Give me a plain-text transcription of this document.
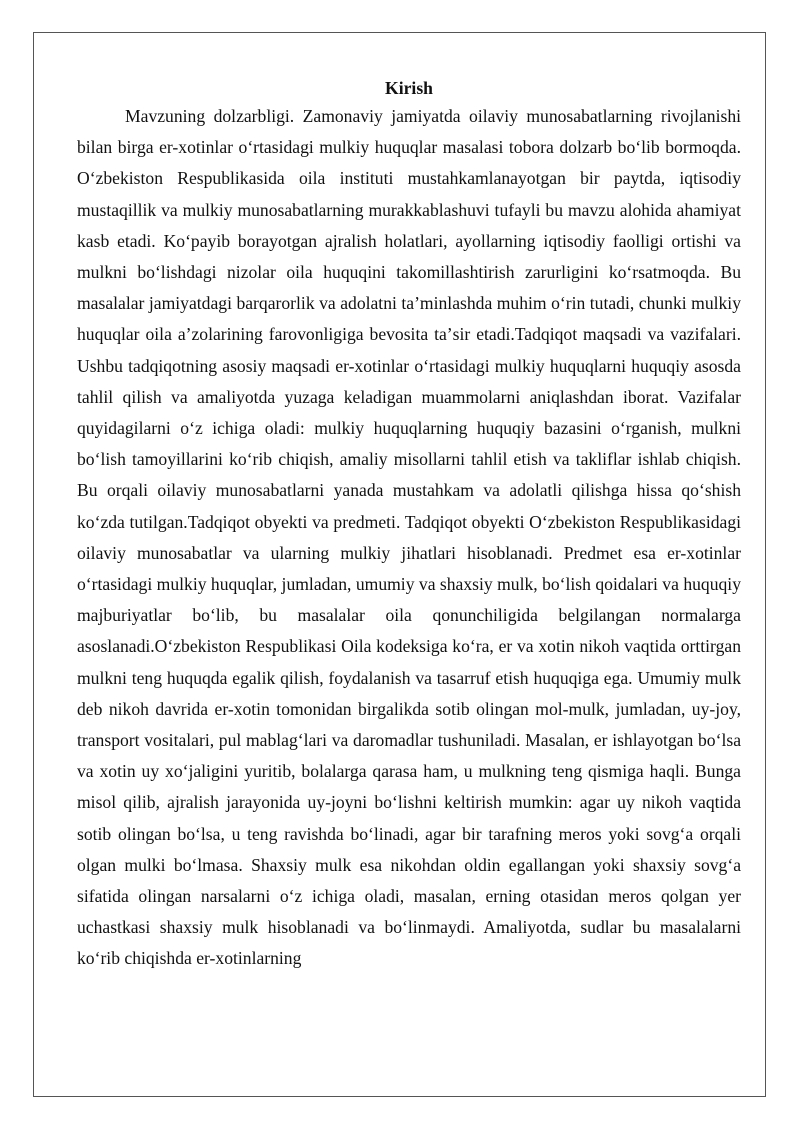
Kirish

Mavzuning dolzarbligi. Zamonaviy jamiyatda oilaviy munosabatlarning rivojlanishi bilan birga er-xotinlar oʻrtasidagi mulkiy huquqlar masalasi tobora dolzarb boʻlib bormoqda. Oʻzbekiston Respublikasida oila instituti mustahkamlanayotgan bir paytda, iqtisodiy mustaqillik va mulkiy munosabatlarning murakkablashuvi tufayli bu mavzu alohida ahamiyat kasb etadi. Koʻpayib borayotgan ajralish holatlari, ayollarning iqtisodiy faolligi ortishi va mulkni boʻlishdagi nizolar oila huquqini takomillashtirish zarurligini koʻrsatmoqda. Bu masalalar jamiyatdagi barqarorlik va adolatni taʼminlashda muhim oʻrin tutadi, chunki mulkiy huquqlar oila aʼzolarining farovonligiga bevosita taʼsir etadi.Tadqiqot maqsadi va vazifalari. Ushbu tadqiqotning asosiy maqsadi er-xotinlar oʻrtasidagi mulkiy huquqlarni huquqiy asosda tahlil qilish va amaliyotda yuzaga keladigan muammolarni aniqlashdan iborat. Vazifalar quyidagilarni oʻz ichiga oladi: mulkiy huquqlarning huquqiy bazasini oʻrganish, mulkni boʻlish tamoyillarini koʻrib chiqish, amaliy misollarni tahlil etish va takliflar ishlab chiqish. Bu orqali oilaviy munosabatlarni yanada mustahkam va adolatli qilishga hissa qoʻshish koʻzda tutilgan.Tadqiqot obyekti va predmeti. Tadqiqot obyekti Oʻzbekiston Respublikasidagi oilaviy munosabatlar va ularning mulkiy jihatlari hisoblanadi. Predmet esa er-xotinlar oʻrtasidagi mulkiy huquqlar, jumladan, umumiy va shaxsiy mulk, boʻlish qoidalari va huquqiy majburiyatlar boʻlib, bu masalalar oila qonunchiligida belgilangan normalarga asoslanadi.Oʻzbekiston Respublikasi Oila kodeksiga koʻra, er va xotin nikoh vaqtida orttirgan mulkni teng huquqda egalik qilish, foydalanish va tasarruf etish huquqiga ega. Umumiy mulk deb nikoh davrida er-xotin tomonidan birgalikda sotib olingan mol-mulk, jumladan, uy-joy, transport vositalari, pul mablagʻlari va daromadlar tushuniladi. Masalan, er ishlayotgan boʻlsa va xotin uy xoʻjaligini yuritib, bolalarga qarasa ham, u mulkning teng qismiga haqli. Bunga misol qilib, ajralish jarayonida uy-joyni boʻlishni keltirish mumkin: agar uy nikoh vaqtida sotib olingan boʻlsa, u teng ravishda boʻlinadi, agar bir tarafning meros yoki sovgʻa orqali olgan mulki boʻlmasa. Shaxsiy mulk esa nikohdan oldin egallangan yoki shaxsiy sovgʻa sifatida olingan narsalarni oʻz ichiga oladi, masalan, erning otasidan meros qolgan yer uchastkasi shaxsiy mulk hisoblanadi va boʻlinmaydi. Amaliyotda, sudlar bu masalalarni koʻrib chiqishda er-xotinlarning
